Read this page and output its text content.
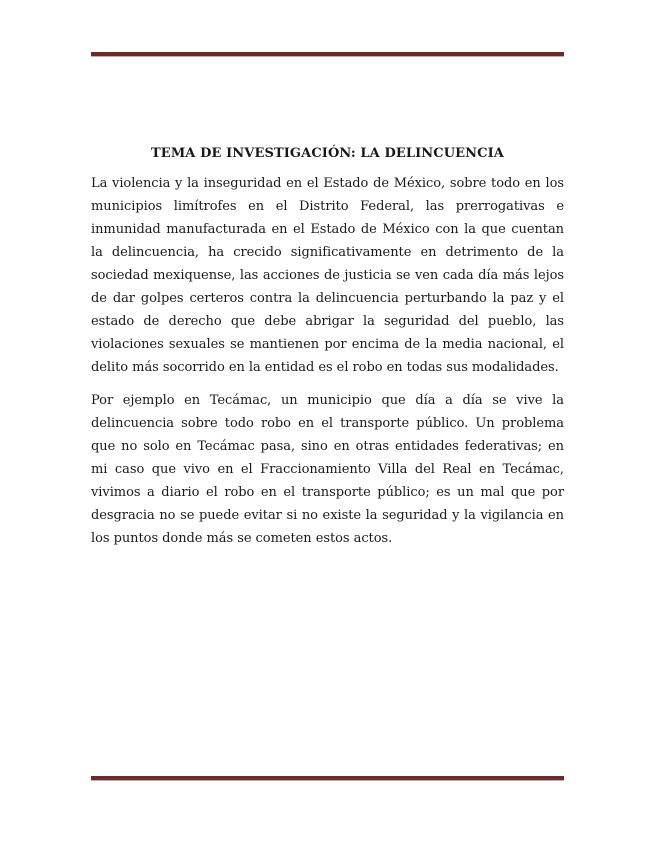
TEMA DE INVESTIGACIÓN: LA DELINCUENCIA

La violencia y la inseguridad en el Estado de México, sobre todo en los municipios limítrofes en el Distrito Federal, las prerrogativas e inmunidad manufacturada en el Estado de México con la que cuentan la delincuencia, ha crecido significativamente en detrimento de la sociedad mexiquense, las acciones de justicia se ven cada día más lejos de dar golpes certeros contra la delincuencia perturbando la paz y el estado de derecho que debe abrigar la seguridad del pueblo, las violaciones sexuales se mantienen por encima de la media nacional, el delito más socorrido en la entidad es el robo en todas sus modalidades.

Por ejemplo en Tecámac, un municipio que día a día se vive la delincuencia sobre todo robo en el transporte público. Un problema que no solo en Tecámac pasa, sino en otras entidades federativas; en mi caso que vivo en el Fraccionamiento Villa del Real en Tecámac, vivimos a diario el robo en el transporte público; es un mal que por desgracia no se puede evitar si no existe la seguridad y la vigilancia en los puntos donde más se cometen estos actos.
